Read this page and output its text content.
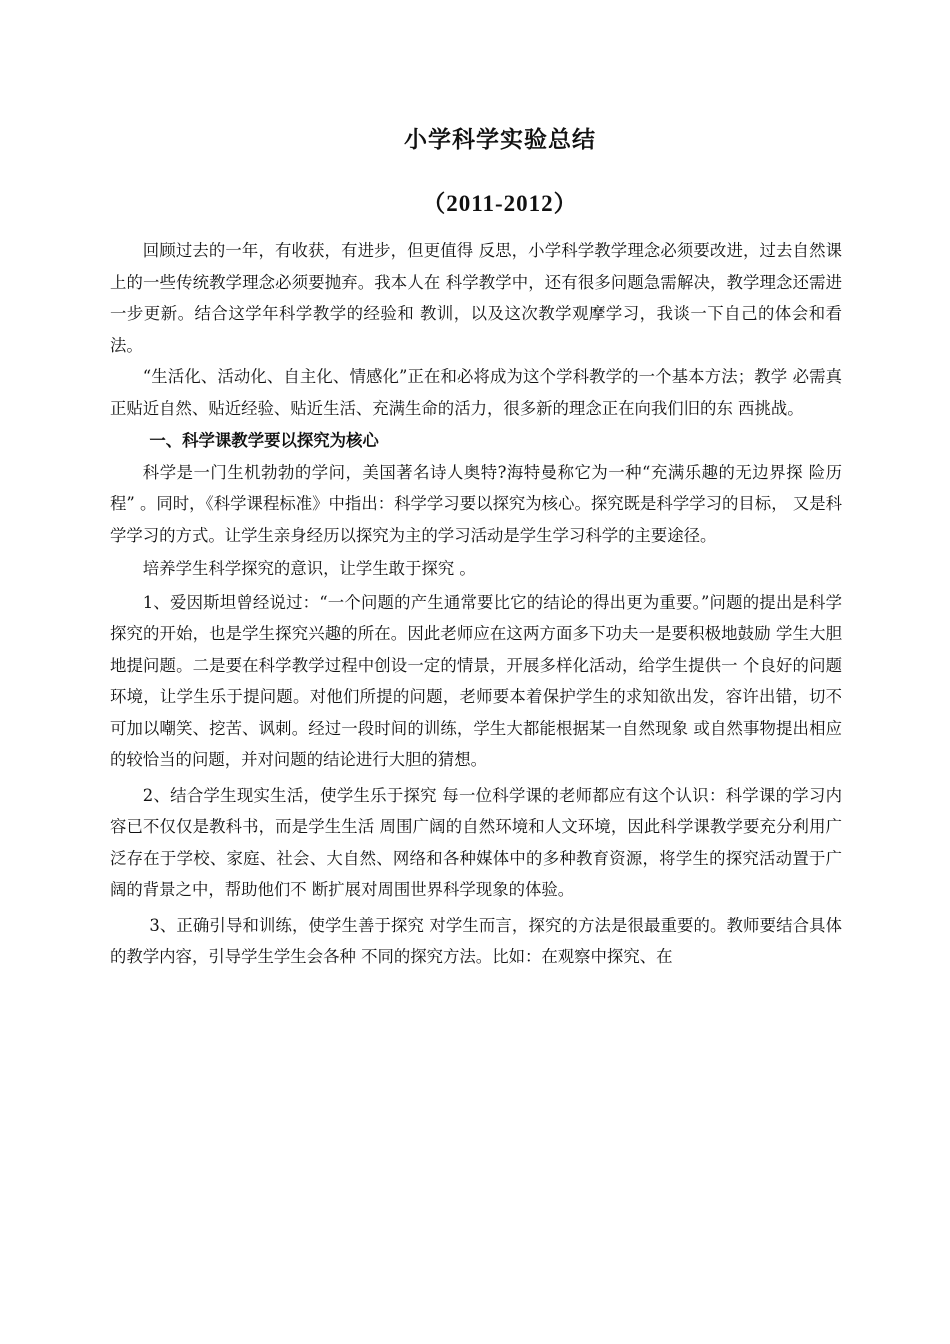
小学科学实验总结
（2011-2012）

回顾过去的一年，有收获，有进步，但更值得 反思，小学科学教学理念必须要改进，过去自然课上的一些传统教学理念必须要抛弃。我本人在 科学教学中，还有很多问题急需解决，教学理念还需进一步更新。结合这学年科学教学的经验和 教训，以及这次教学观摩学习，我谈一下自己的体会和看法。

“生活化、活动化、自主化、情感化”正在和必将成为这个学科教学的一个基本方法；教学 必需真正贴近自然、贴近经验、贴近生活、充满生命的活力，很多新的理念正在向我们旧的东 西挑战。

一、科学课教学要以探究为核心

科学是一门生机勃勃的学问，美国著名诗人奥特?海特曼称它为一种“充满乐趣的无边界探 险历程” 。同时，《科学课程标准》中指出：科学学习要以探究为核心。探究既是科学学习的目标， 又是科学学习的方式。让学生亲身经历以探究为主的学习活动是学生学习科学的主要途径。

培养学生科学探究的意识，让学生敢于探究 。

1、爱因斯坦曾经说过：“一个问题的产生通常要比它的结论的得出更为重要。”问题的提出是科学探究的开始，也是学生探究兴趣的所在。因此老师应在这两方面多下功夫一是要积极地鼓励 学生大胆地提问题。二是要在科学教学过程中创设一定的情景，开展多样化活动，给学生提供一 个良好的问题环境，让学生乐于提问题。对他们所提的问题，老师要本着保护学生的求知欲出发，容许出错，切不可加以嘲笑、挖苦、讽刺。经过一段时间的训练，学生大都能根据某一自然现象 或自然事物提出相应的较恰当的问题，并对问题的结论进行大胆的猜想。

2、结合学生现实生活，使学生乐于探究 每一位科学课的老师都应有这个认识：科学课的学习内容已不仅仅是教科书，而是学生生活 周围广阔的自然环境和人文环境，因此科学课教学要充分利用广泛存在于学校、家庭、社会、大自然、网络和各种媒体中的多种教育资源，将学生的探究活动置于广阔的背景之中，帮助他们不 断扩展对周围世界科学现象的体验。

3、正确引导和训练，使学生善于探究 对学生而言，探究的方法是很最重要的。教师要结合具体的教学内容，引导学生学生会各种 不同的探究方法。比如：在观察中探究、在
